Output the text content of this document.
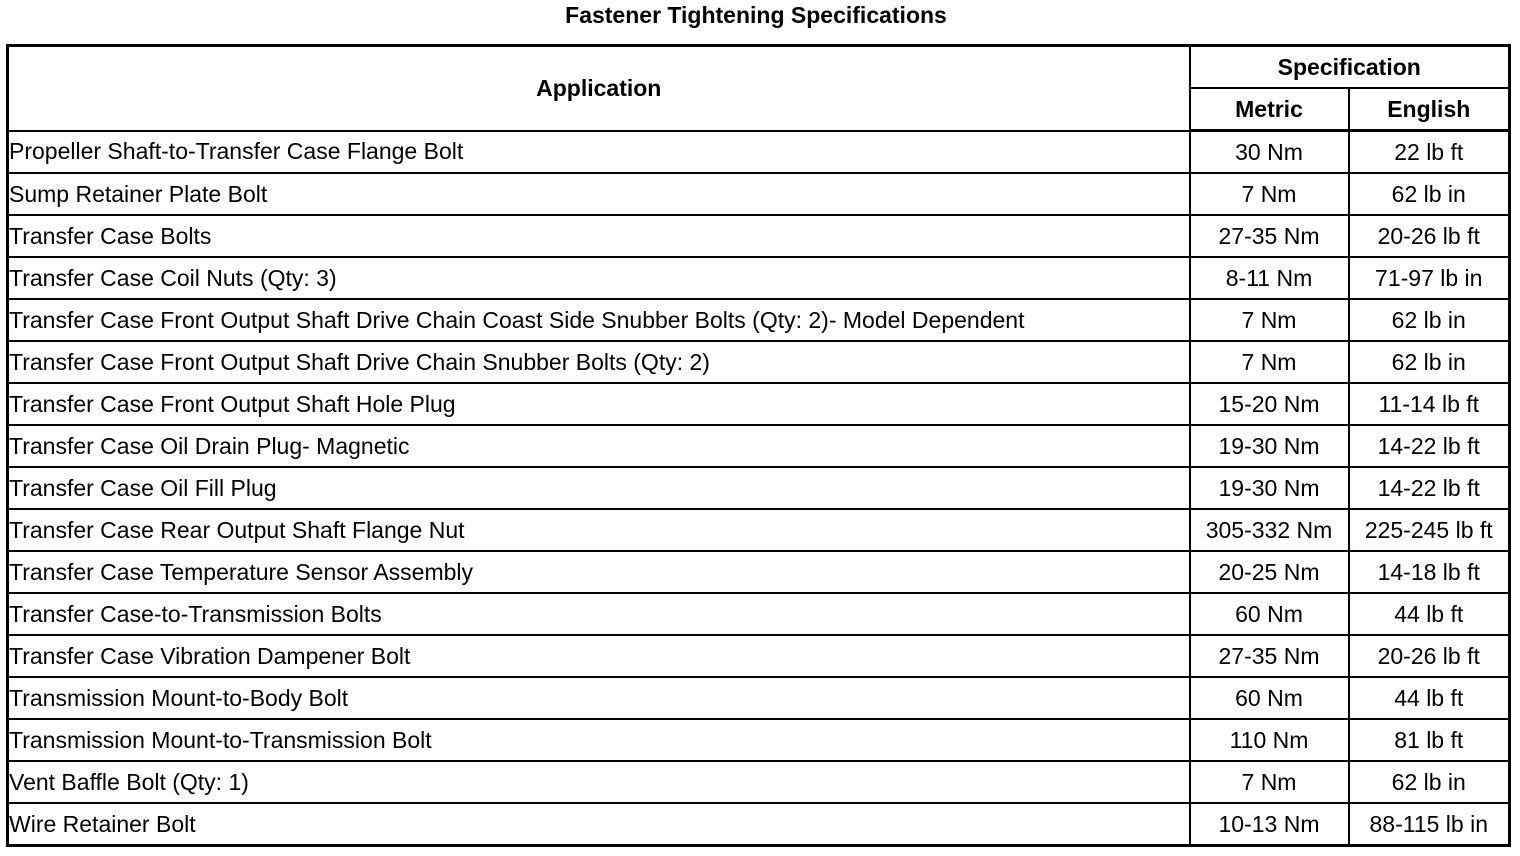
Fastener Tightening Specifications
Application	Specification	
	Metric	English
Propeller Shaft-to-Transfer Case Flange Bolt	30 Nm	22 lb ft
Sump Retainer Plate Bolt	7 Nm	62 lb in
Transfer Case Bolts	27-35 Nm	20-26 lb ft
Transfer Case Coil Nuts (Qty: 3)	8-11 Nm	71-97 lb in
Transfer Case Front Output Shaft Drive Chain Coast Side Snubber Bolts (Qty: 2)- Model Dependent	7 Nm	62 lb in
Transfer Case Front Output Shaft Drive Chain Snubber Bolts (Qty: 2)	7 Nm	62 lb in
Transfer Case Front Output Shaft Hole Plug	15-20 Nm	11-14 lb ft
Transfer Case Oil Drain Plug- Magnetic	19-30 Nm	14-22 lb ft
Transfer Case Oil Fill Plug	19-30 Nm	14-22 lb ft
Transfer Case Rear Output Shaft Flange Nut	305-332 Nm	225-245 lb ft
Transfer Case Temperature Sensor Assembly	20-25 Nm	14-18 lb ft
Transfer Case-to-Transmission Bolts	60 Nm	44 lb ft
Transfer Case Vibration Dampener Bolt	27-35 Nm	20-26 lb ft
Transmission Mount-to-Body Bolt	60 Nm	44 lb ft
Transmission Mount-to-Transmission Bolt	110 Nm	81 lb ft
Vent Baffle Bolt (Qty: 1)	7 Nm	62 lb in
Wire Retainer Bolt	10-13 Nm	88-115 lb in
